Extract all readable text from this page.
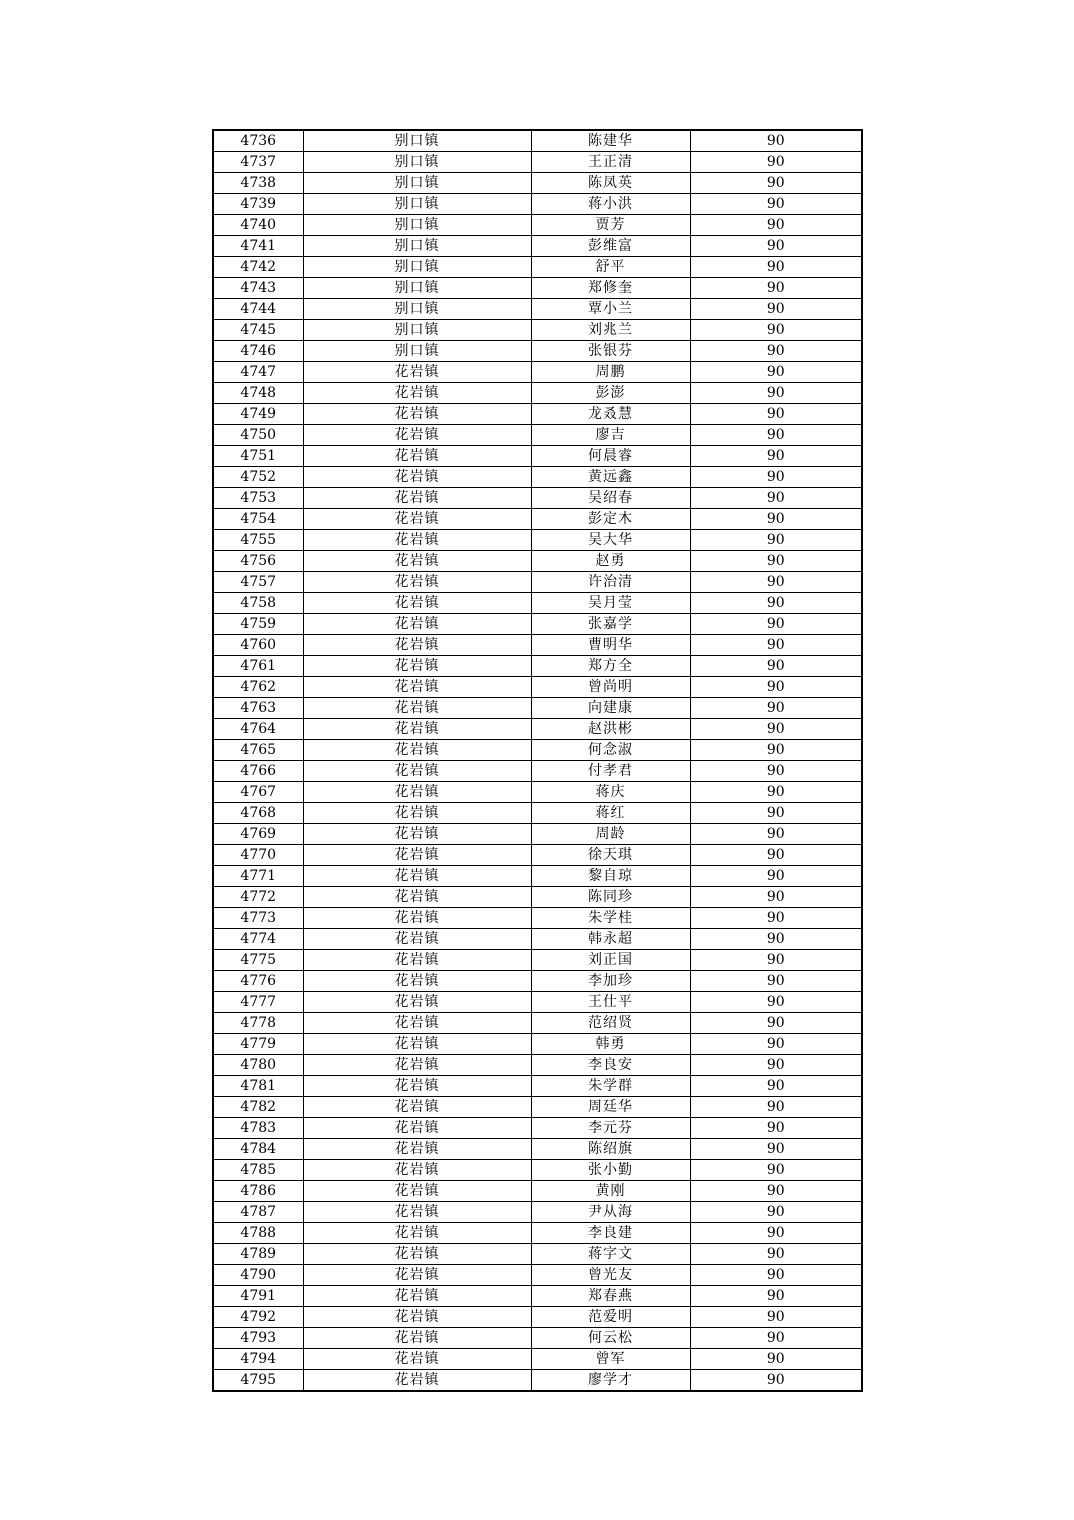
4736	别口镇	陈建华	90
4737	别口镇	王正清	90
4738	别口镇	陈凤英	90
4739	别口镇	蒋小洪	90
4740	别口镇	贾芳	90
4741	别口镇	彭维富	90
4742	别口镇	舒平	90
4743	别口镇	郑修奎	90
4744	别口镇	覃小兰	90
4745	别口镇	刘兆兰	90
4746	别口镇	张银芬	90
4747	花岩镇	周鹏	90
4748	花岩镇	彭澎	90
4749	花岩镇	龙叒慧	90
4750	花岩镇	廖吉	90
4751	花岩镇	何晨睿	90
4752	花岩镇	黄远鑫	90
4753	花岩镇	吴绍春	90
4754	花岩镇	彭定木	90
4755	花岩镇	吴大华	90
4756	花岩镇	赵勇	90
4757	花岩镇	许治清	90
4758	花岩镇	吴月莹	90
4759	花岩镇	张嘉学	90
4760	花岩镇	曹明华	90
4761	花岩镇	郑方全	90
4762	花岩镇	曾尚明	90
4763	花岩镇	向建康	90
4764	花岩镇	赵洪彬	90
4765	花岩镇	何念淑	90
4766	花岩镇	付孝君	90
4767	花岩镇	蒋庆	90
4768	花岩镇	蒋红	90
4769	花岩镇	周龄	90
4770	花岩镇	徐天琪	90
4771	花岩镇	黎自琼	90
4772	花岩镇	陈同珍	90
4773	花岩镇	朱学桂	90
4774	花岩镇	韩永超	90
4775	花岩镇	刘正国	90
4776	花岩镇	李加珍	90
4777	花岩镇	王仕平	90
4778	花岩镇	范绍贤	90
4779	花岩镇	韩勇	90
4780	花岩镇	李良安	90
4781	花岩镇	朱学群	90
4782	花岩镇	周廷华	90
4783	花岩镇	李元芬	90
4784	花岩镇	陈绍旗	90
4785	花岩镇	张小勤	90
4786	花岩镇	黄刚	90
4787	花岩镇	尹从海	90
4788	花岩镇	李良建	90
4789	花岩镇	蒋字文	90
4790	花岩镇	曾光友	90
4791	花岩镇	郑春燕	90
4792	花岩镇	范爱明	90
4793	花岩镇	何云松	90
4794	花岩镇	曾军	90
4795	花岩镇	廖学才	90
